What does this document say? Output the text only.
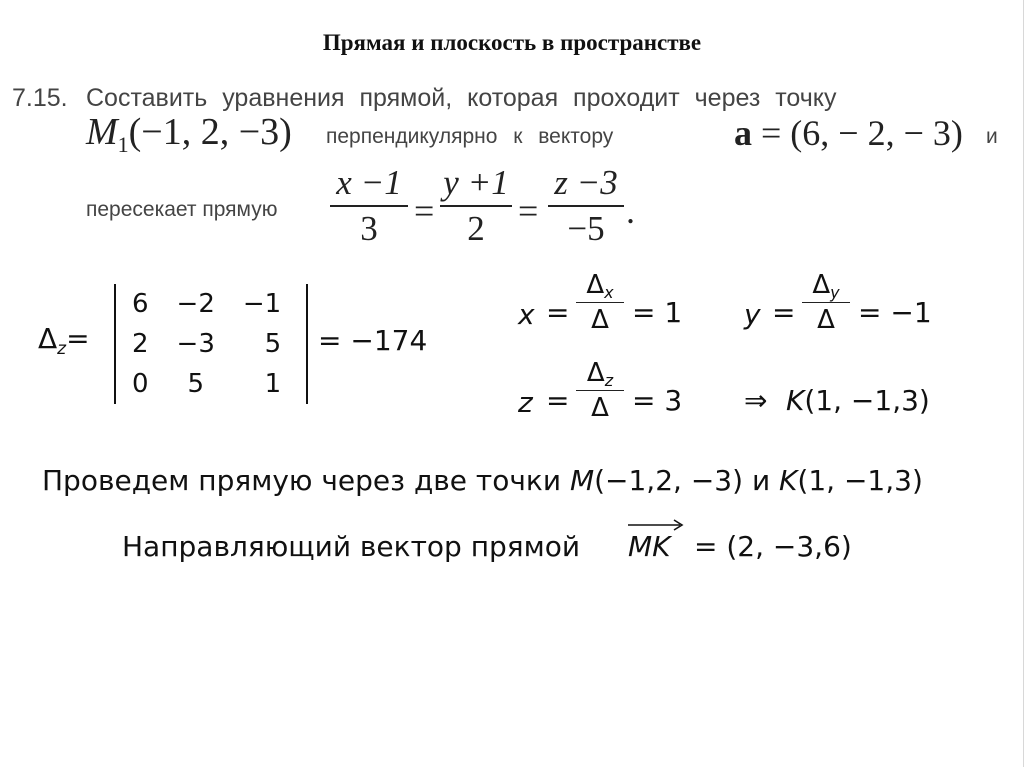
Прямая и плоскость в пространстве
7.15. Составить уравнения прямой, которая проходит через точку
$M_1(-1$, 2, −3) перпендикулярно к вектору	a = (6, − 2, − 3) и
пересекает прямую
x −1
3	=
y +1
2 =
z −3
−5 .
$\Delta_z=$
6	−2	−1
2	−3	5
0	5	1
= −174
x =
Δx
Δ = 1 y =
Δy
Δ = −1
z =
Δz
Δ = 3 ⇒ K(1, −1,3)
Проведем прямую через две точки M(−1,2, −3) и K(1, −1,3)
Направляющий вектор прямой MK = (2, −3,6)
